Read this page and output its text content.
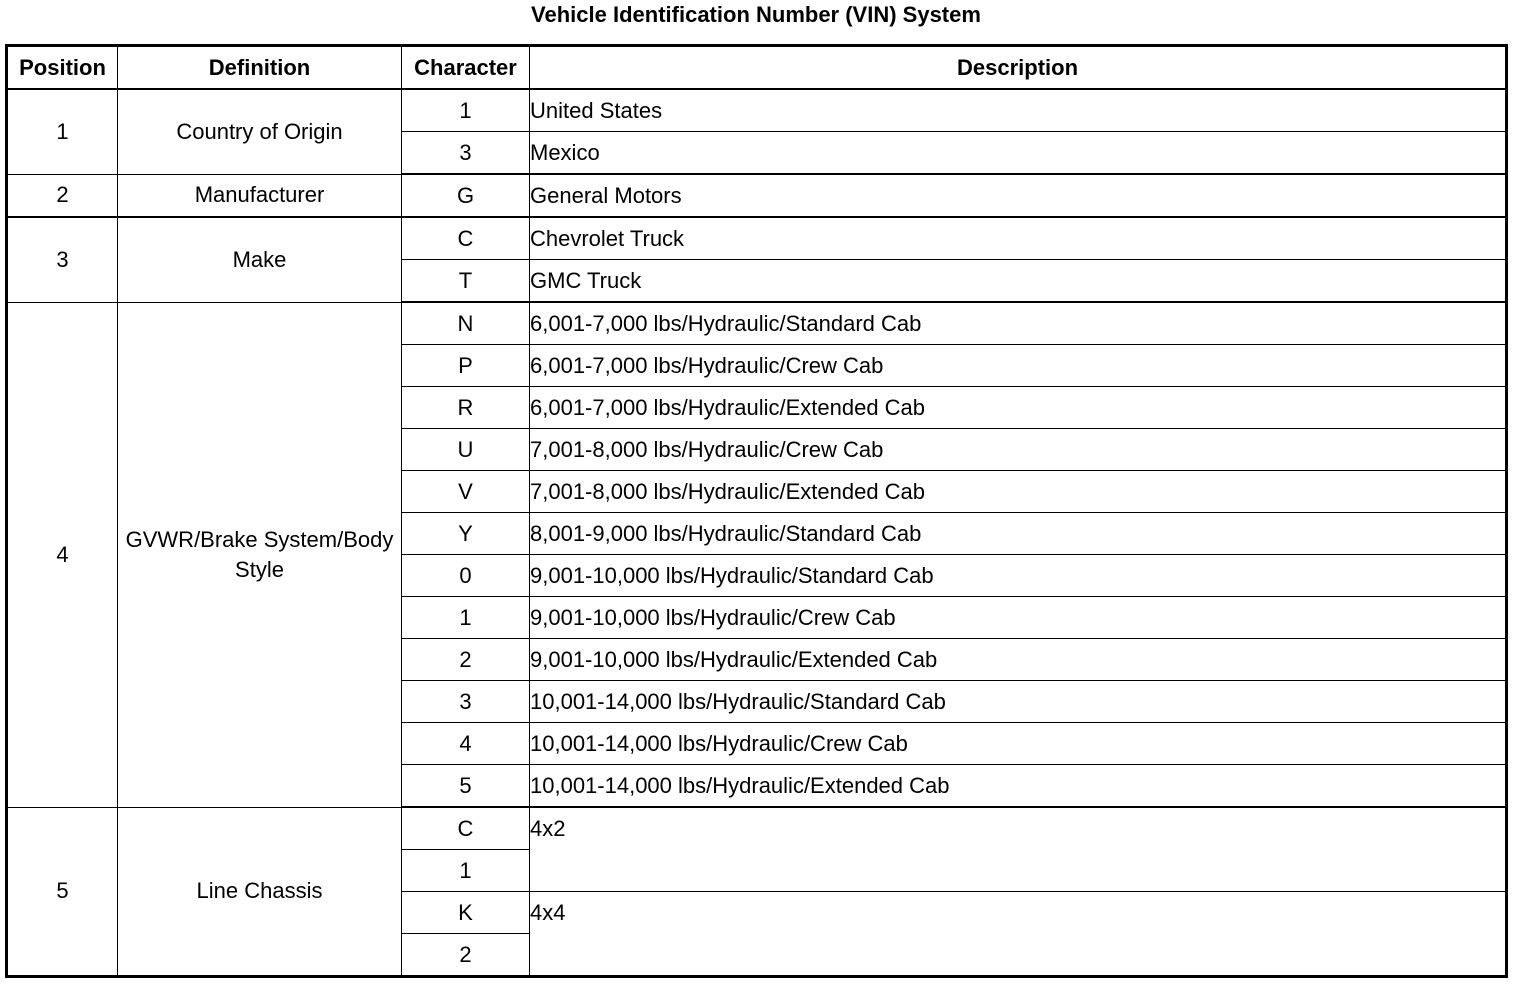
Vehicle Identification Number (VIN) System
Position	Definition	Character	Description
1	Country of Origin	1	United States
		3	Mexico
2	Manufacturer	G	General Motors
3	Make	C	Chevrolet Truck
		T	GMC Truck
4	GVWR/Brake System/Body Style	N	6,001-7,000 lbs/Hydraulic/Standard Cab
		P	6,001-7,000 lbs/Hydraulic/Crew Cab
		R	6,001-7,000 lbs/Hydraulic/Extended Cab
		U	7,001-8,000 lbs/Hydraulic/Crew Cab
		V	7,001-8,000 lbs/Hydraulic/Extended Cab
		Y	8,001-9,000 lbs/Hydraulic/Standard Cab
		0	9,001-10,000 lbs/Hydraulic/Standard Cab
		1	9,001-10,000 lbs/Hydraulic/Crew Cab
		2	9,001-10,000 lbs/Hydraulic/Extended Cab
		3	10,001-14,000 lbs/Hydraulic/Standard Cab
		4	10,001-14,000 lbs/Hydraulic/Crew Cab
		5	10,001-14,000 lbs/Hydraulic/Extended Cab
5	Line Chassis	C	4x2
		1	
		K	4x4
		2	
